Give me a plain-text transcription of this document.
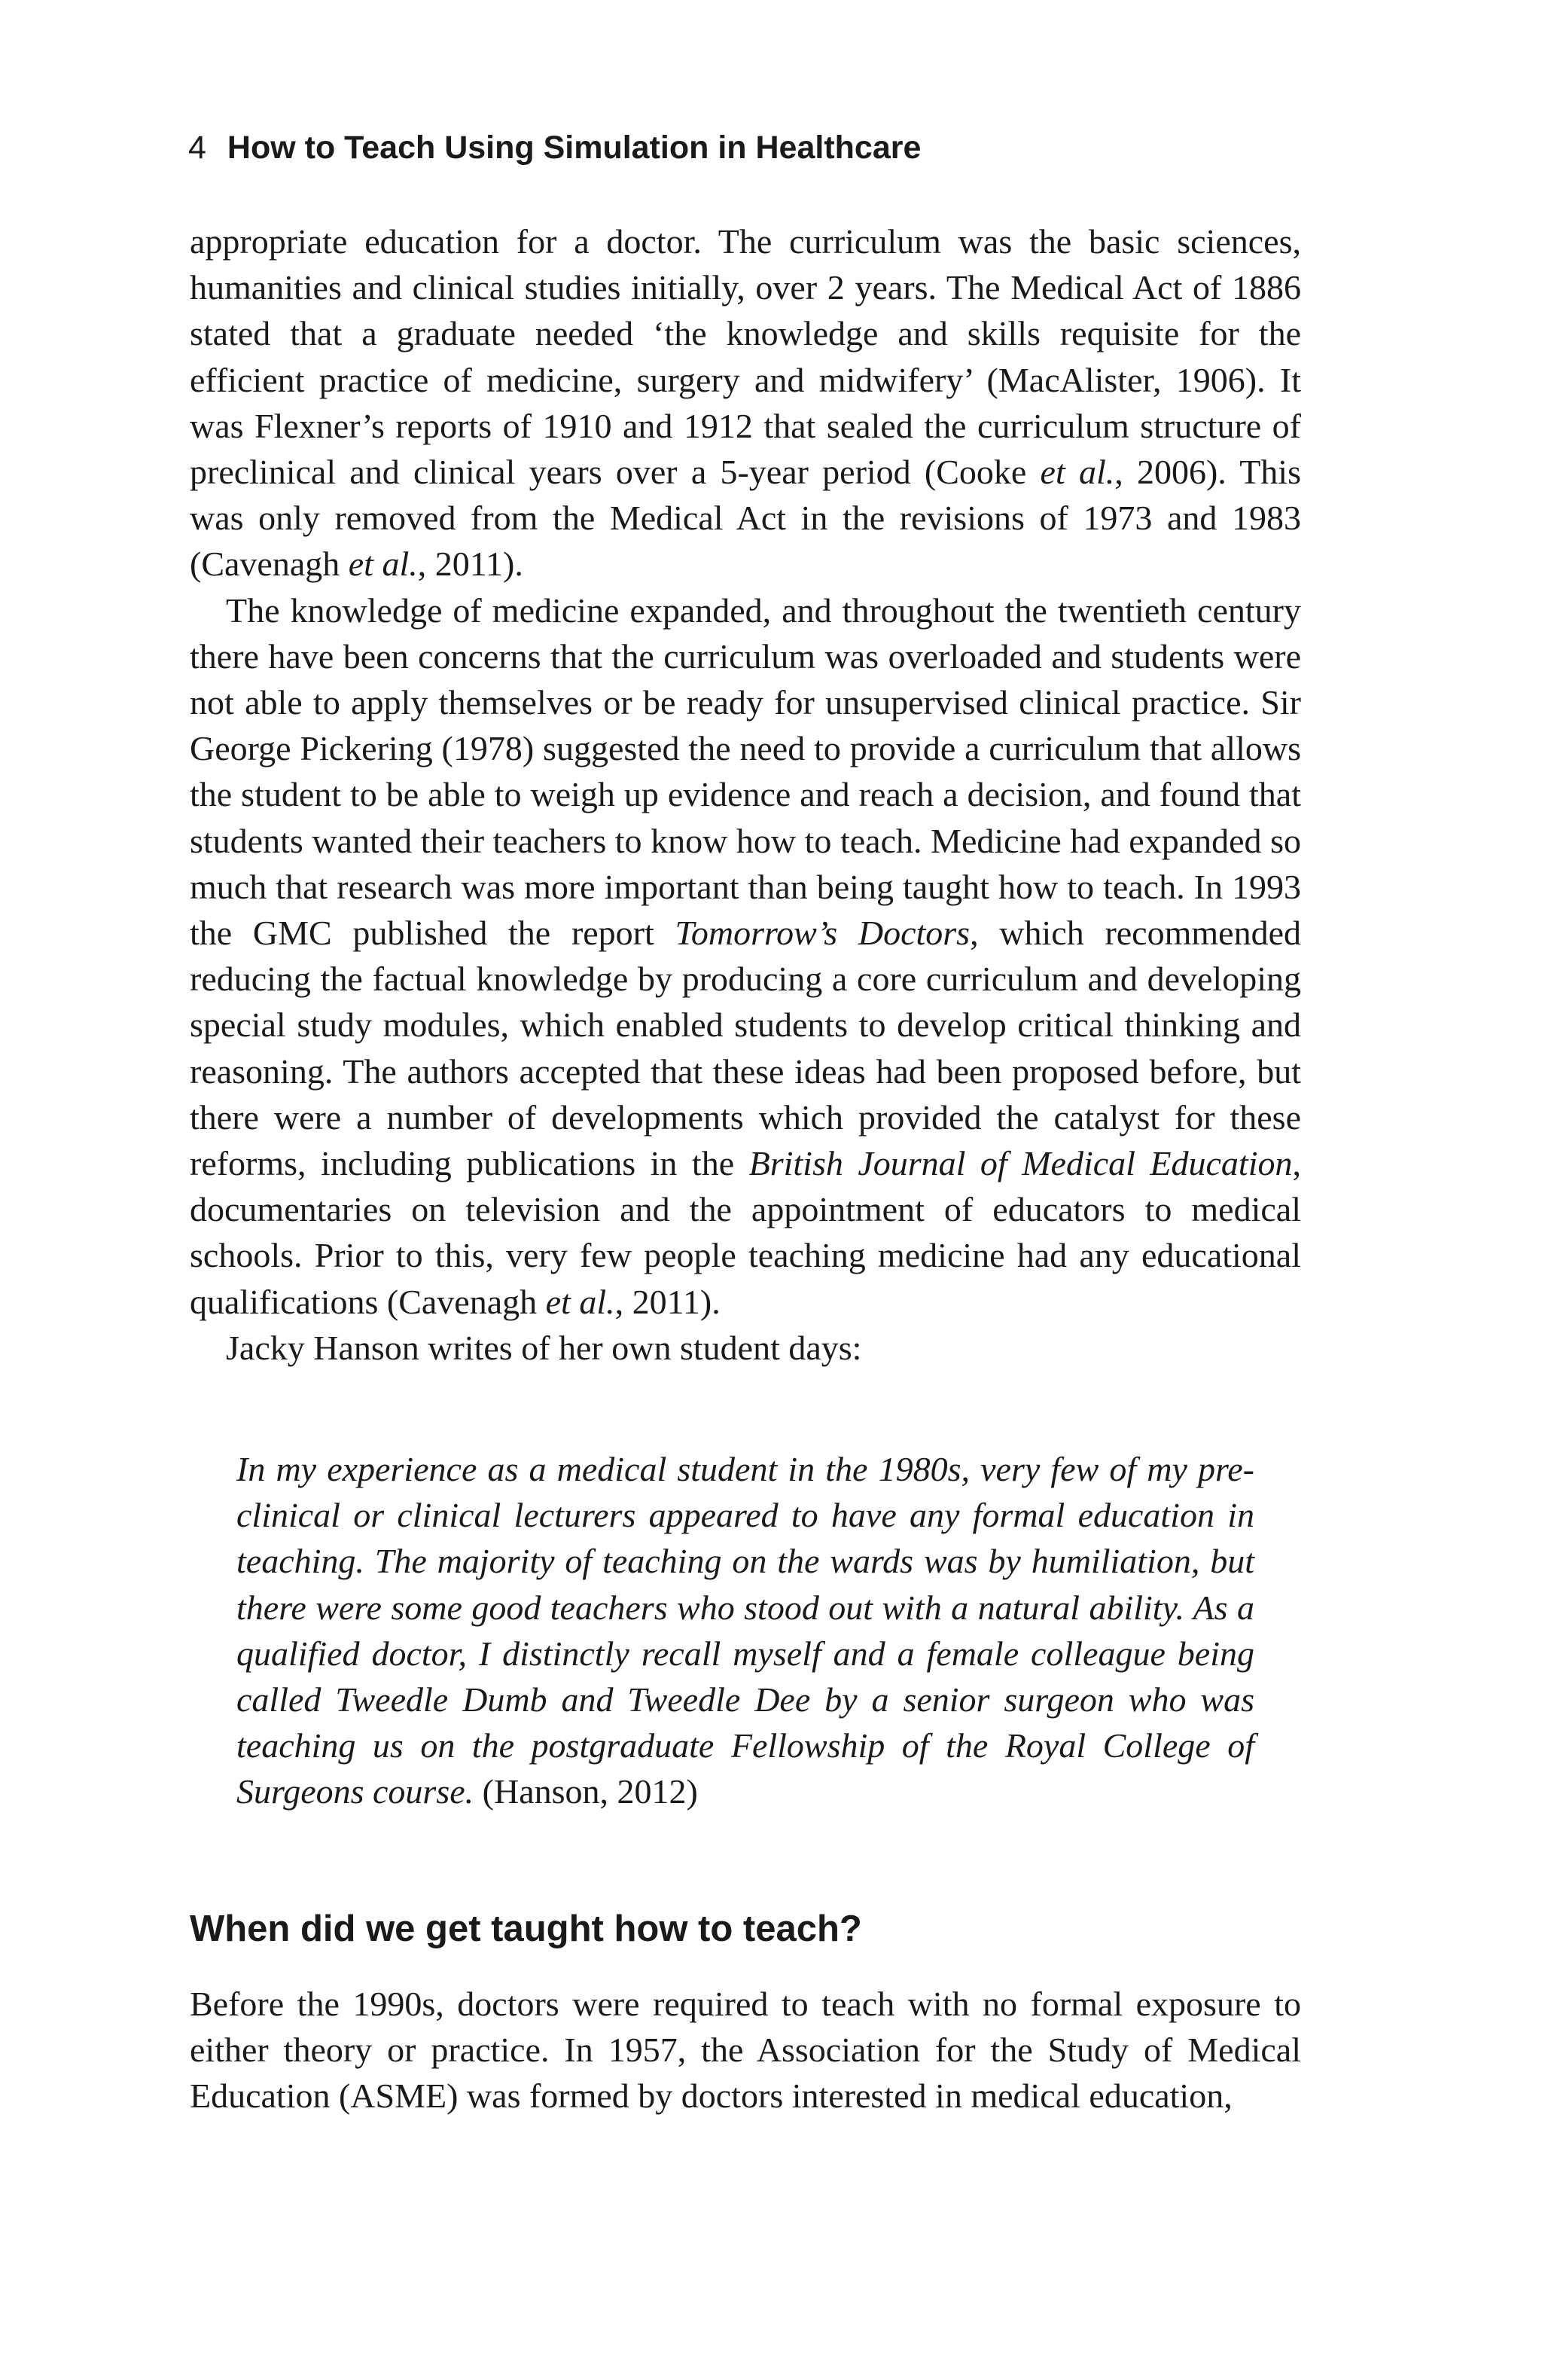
4 How to Teach Using Simulation in Healthcare

appropriate education for a doctor. The curriculum was the basic sciences, humanities and clinical studies initially, over 2 years. The Medical Act of 1886 stated that a graduate needed ‘the knowledge and skills requisite for the efficient practice of medicine, surgery and midwifery’ (MacAlister, 1906). It was Flexner’s reports of 1910 and 1912 that sealed the curriculum structure of preclinical and clinical years over a 5-year period (Cooke et al., 2006). This was only removed from the Medical Act in the revisions of 1973 and 1983 (Cavenagh et al., 2011).

The knowledge of medicine expanded, and throughout the twentieth century there have been concerns that the curriculum was overloaded and students were not able to apply themselves or be ready for unsupervised clinical practice. Sir George Pickering (1978) suggested the need to provide a curriculum that allows the student to be able to weigh up evidence and reach a decision, and found that students wanted their teachers to know how to teach. Medicine had expanded so much that research was more important than being taught how to teach. In 1993 the GMC published the report Tomorrow’s Doctors, which recommended reducing the factual knowledge by producing a core curriculum and developing special study modules, which enabled students to develop critical thinking and reasoning. The authors accepted that these ideas had been proposed before, but there were a number of developments which provided the catalyst for these reforms, including publications in the British Journal of Medical Education, documentaries on television and the appointment of educators to medical schools. Prior to this, very few people teaching medicine had any educational qualifications (Cavenagh et al., 2011).

Jacky Hanson writes of her own student days:

In my experience as a medical student in the 1980s, very few of my preclinical or clinical lecturers appeared to have any formal education in teaching. The majority of teaching on the wards was by humiliation, but there were some good teachers who stood out with a natural ability. As a qualified doctor, I distinctly recall myself and a female colleague being called Tweedle Dumb and Tweedle Dee by a senior surgeon who was teaching us on the postgraduate Fellowship of the Royal College of Surgeons course. (Hanson, 2012)

When did we get taught how to teach?

Before the 1990s, doctors were required to teach with no formal exposure to either theory or practice. In 1957, the Association for the Study of Medical Education (ASME) was formed by doctors interested in medical education,
